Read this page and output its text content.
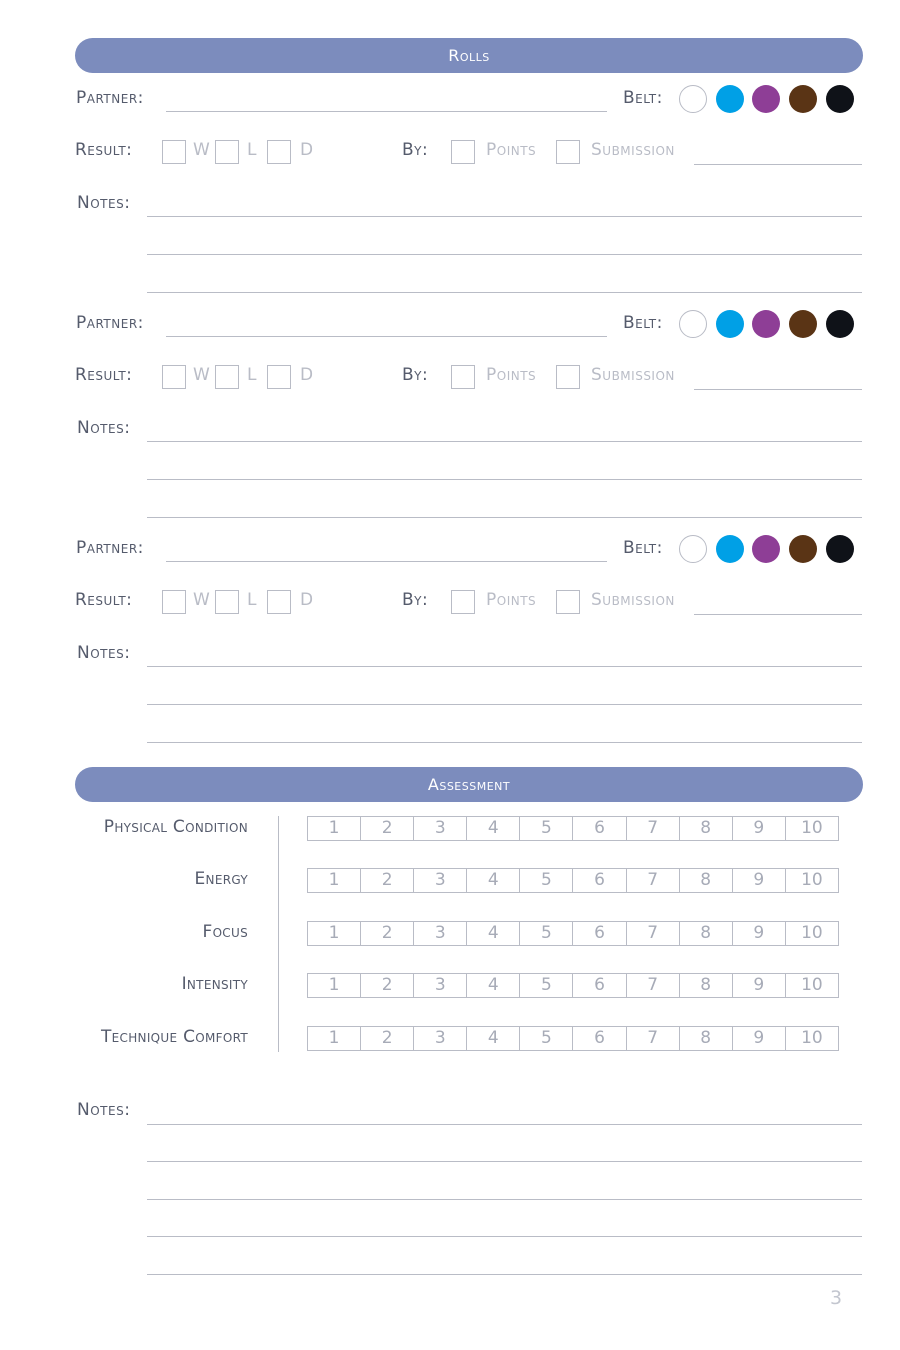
Rolls
Partner:	Belt:
Result:	W L	D	By:	Points	Submission
Notes:
Partner:	Belt:
Result:	W L	D	By:	Points	Submission
Notes:
Partner:	Belt:
Result:	W L	D	By:	Points	Submission
Notes:
Assessment
Physical Condition	1	2	3	4	5	6	7	8	9	10
Energy	1	2	3	4	5	6	7	8	9	10
Focus	1	2	3	4	5	6	7	8	9	10
Intensity	1	2	3	4	5	6	7	8	9	10
Technique Comfort	1	2	3	4	5	6	7	8	9	10
Notes:
3
